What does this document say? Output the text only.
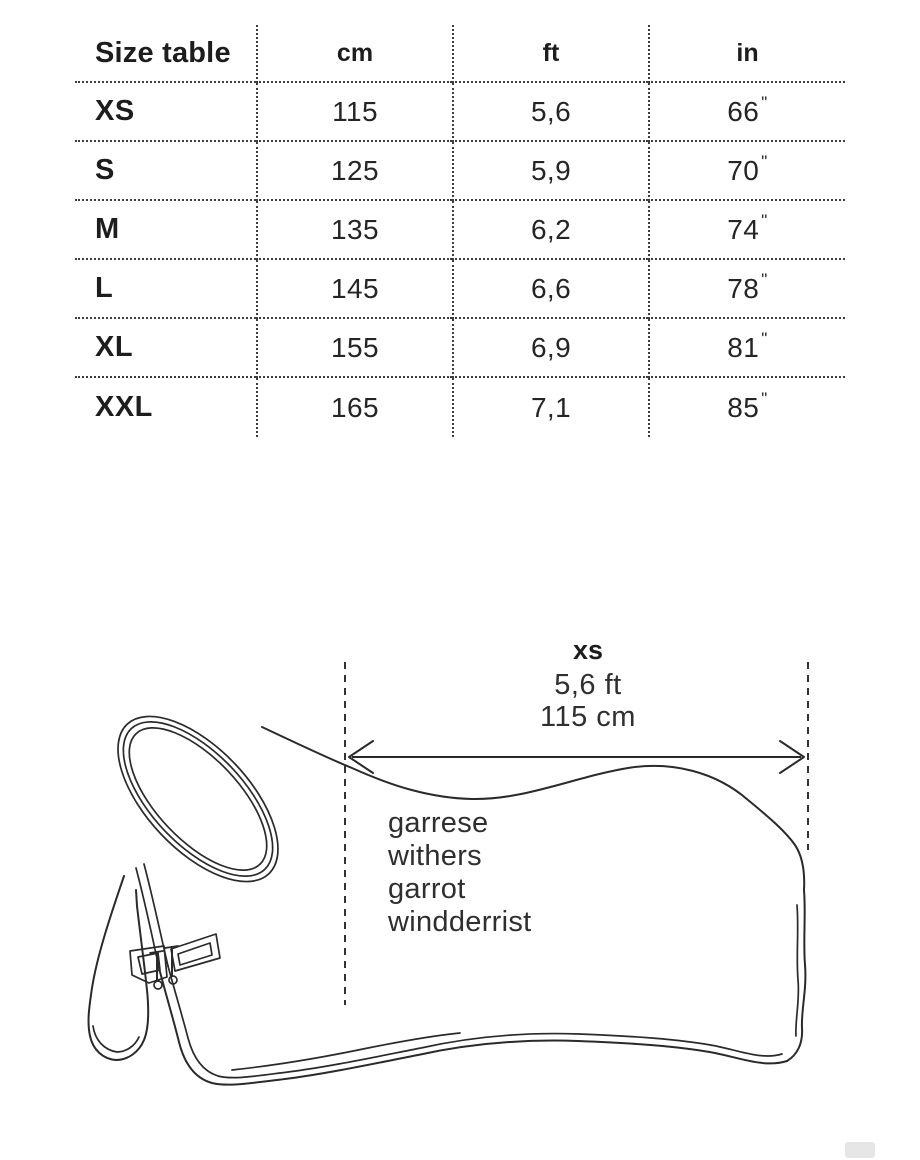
Size table	cm	ft	in
XS	115	5,6	66 "
S	125	5,9	70 "
M	135	6,2	74 "
L	145	6,6	78 "
XL	155	6,9	81 "
XXL	165	7,1	85 "
xs
5,6 ft
115 cm
garrese
withers
garrot
windderrist
